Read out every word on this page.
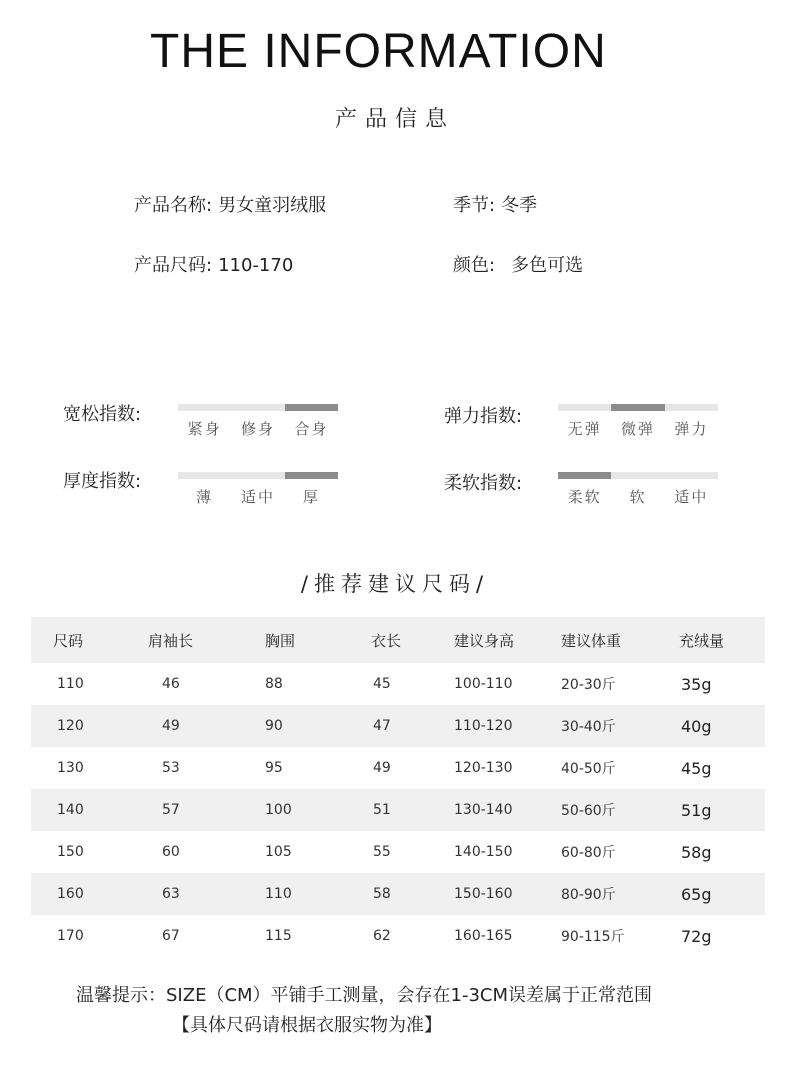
THE INFORMATION
产品信息
产品名称: 男女童羽绒服	季节: 冬季
产品尺码: 110-170	颜色: 多色可选
宽松指数:
紧身	修身	合身
弹力指数:
无弹	微弹	弹力
厚度指数:
薄	适中	厚
柔软指数:
柔软	软	适中
/推荐建议尺码/
尺码	肩袖长	胸围	衣长	建议身高	建议体重	充绒量
110	46	88	45	100-110	20-30斤	35g
120	49	90	47	110-120	30-40斤	40g
130	53	95	49	120-130	40-50斤	45g
140	57	100	51	130-140	50-60斤	51g
150	60	105	55	140-150	60-80斤	58g
160	63	110	58	150-160	80-90斤	65g
170	67	115	62	160-165	90-115斤	72g
温馨提示：SIZE（CM）平铺手工测量，会存在1-3CM误差属于正常范围
【具体尺码请根据衣服实物为准】
